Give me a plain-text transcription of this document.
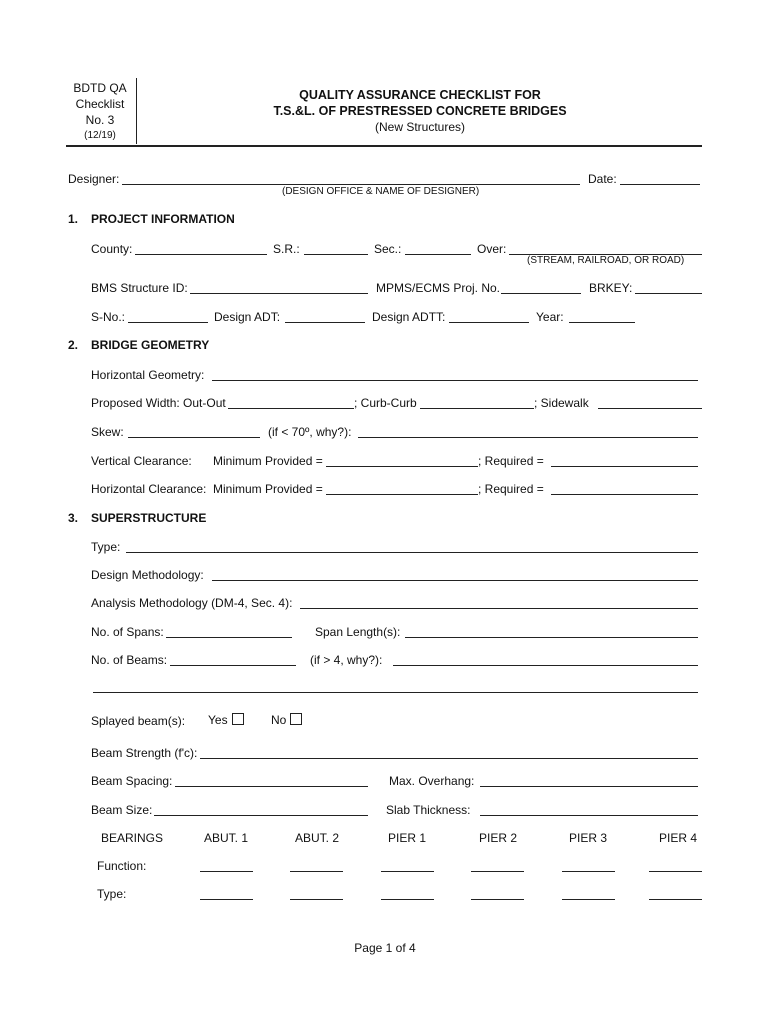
BDTD QA
Checklist
No. 3
(12/19)
QUALITY ASSURANCE CHECKLIST FOR
T.S.&L. OF PRESTRESSED CONCRETE BRIDGES
(New Structures)
Designer:	Date:
(DESIGN OFFICE & NAME OF DESIGNER)
1. PROJECT INFORMATION
County:	S.R.:	Sec.:	Over:
(STREAM, RAILROAD, OR ROAD)
BMS Structure ID:	MPMS/ECMS Proj. No.	BRKEY:
S-No.:	Design ADT:	Design ADTT:	Year:
2. BRIDGE GEOMETRY
Horizontal Geometry:
Proposed Width: Out-Out	; Curb-Curb	; Sidewalk
Skew:	(if < 70º, why?):
Vertical Clearance: Minimum Provided =	; Required =
Horizontal Clearance: Minimum Provided =	; Required =
3. SUPERSTRUCTURE
Type:
Design Methodology:
Analysis Methodology (DM-4, Sec. 4):
No. of Spans:	Span Length(s):
No. of Beams:	(if > 4, why?):
Splayed beam(s): Yes	No
Beam Strength (f'c):
Beam Spacing:	Max. Overhang:
Beam Size:	Slab Thickness:
BEARINGS	ABUT. 1	ABUT. 2	PIER 1	PIER 2	PIER 3	PIER 4
Function:
Type:
Page 1 of 4
